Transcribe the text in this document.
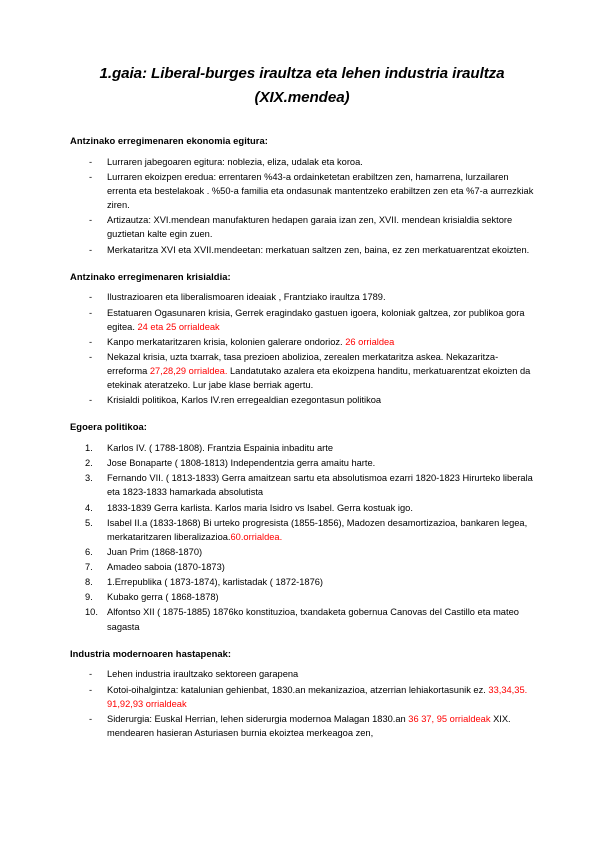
1.gaia: Liberal-burges iraultza eta lehen industria iraultza (XIX.mendea)
Antzinako erregimenaren ekonomia egitura:
-	Lurraren jabegoaren egitura: noblezia, eliza, udalak eta koroa.
-	Lurraren ekoizpen eredua: errentaren %43-a ordainketetan erabiltzen zen, hamarrena, lurzailaren errenta eta bestelakoak . %50-a familia eta ondasunak mantentzeko erabiltzen zen eta %7-a aurrezkiak ziren.
-	Artizautza: XVI.mendean manufakturen hedapen garaia izan zen, XVII. mendean krisialdia sektore guztietan kalte egin zuen.
-	Merkataritza XVI eta XVII.mendeetan: merkatuan saltzen zen, baina, ez zen merkatuarentzat ekoizten.
Antzinako erregimenaren krisialdia:
-	Ilustrazioaren eta liberalismoaren ideaiak , Frantziako iraultza 1789.
-	Estatuaren Ogasunaren krisia, Gerrek eragindako gastuen igoera, koloniak galtzea, zor publikoa gora egitea. 24 eta 25 orrialdeak
-	Kanpo merkataritzaren krisia, kolonien galerare ondorioz. 26 orrialdea
-	Nekazal krisia, uzta txarrak, tasa prezioen abolizioa, zerealen merkataritza askea. Nekazaritza-erreforma 27,28,29 orrialdea. Landatutako azalera eta ekoizpena handitu, merkatuarentzat ekoizten da etekinak ateratzeko. Lur jabe klase berriak agertu.
-	Krisialdi politikoa, Karlos IV.ren erregealdian ezegontasun politikoa
Egoera politikoa:
1.	Karlos IV. ( 1788-1808). Frantzia Espainia inbaditu arte
2.	Jose Bonaparte ( 1808-1813) Independentzia gerra amaitu harte.
3.	Fernando VII. ( 1813-1833) Gerra amaitzean sartu eta absolutismoa ezarri 1820-1823 Hirurteko liberala eta 1823-1833 hamarkada absolutista
4.	1833-1839 Gerra karlista. Karlos maria Isidro vs Isabel. Gerra kostuak igo.
5.	Isabel II.a (1833-1868) Bi urteko progresista (1855-1856), Madozen desamortizazioa, bankaren legea, merkataritzaren liberalizazioa.60.orrialdea.
6.	Juan Prim (1868-1870)
7.	Amadeo saboia (1870-1873)
8.	1.Errepublika ( 1873-1874), karlistadak ( 1872-1876)
9.	Kubako gerra ( 1868-1878)
10. Alfontso XII ( 1875-1885) 1876ko konstituzioa, txandaketa gobernua Canovas del Castillo eta mateo sagasta
Industria modernoaren hastapenak:
-	Lehen industria iraultzako sektoreen garapena
-	Kotoi-oihalgintza: katalunian gehienbat, 1830.an mekanizazioa, atzerrian lehiakortasunik ez. 33,34,35. 91,92,93 orrialdeak
-	Siderurgia: Euskal Herrian, lehen siderurgia modernoa Malagan 1830.an 36 37, 95 orrialdeak XIX. mendearen hasieran Asturiasen burnia ekoiztea merkeagoa zen,
